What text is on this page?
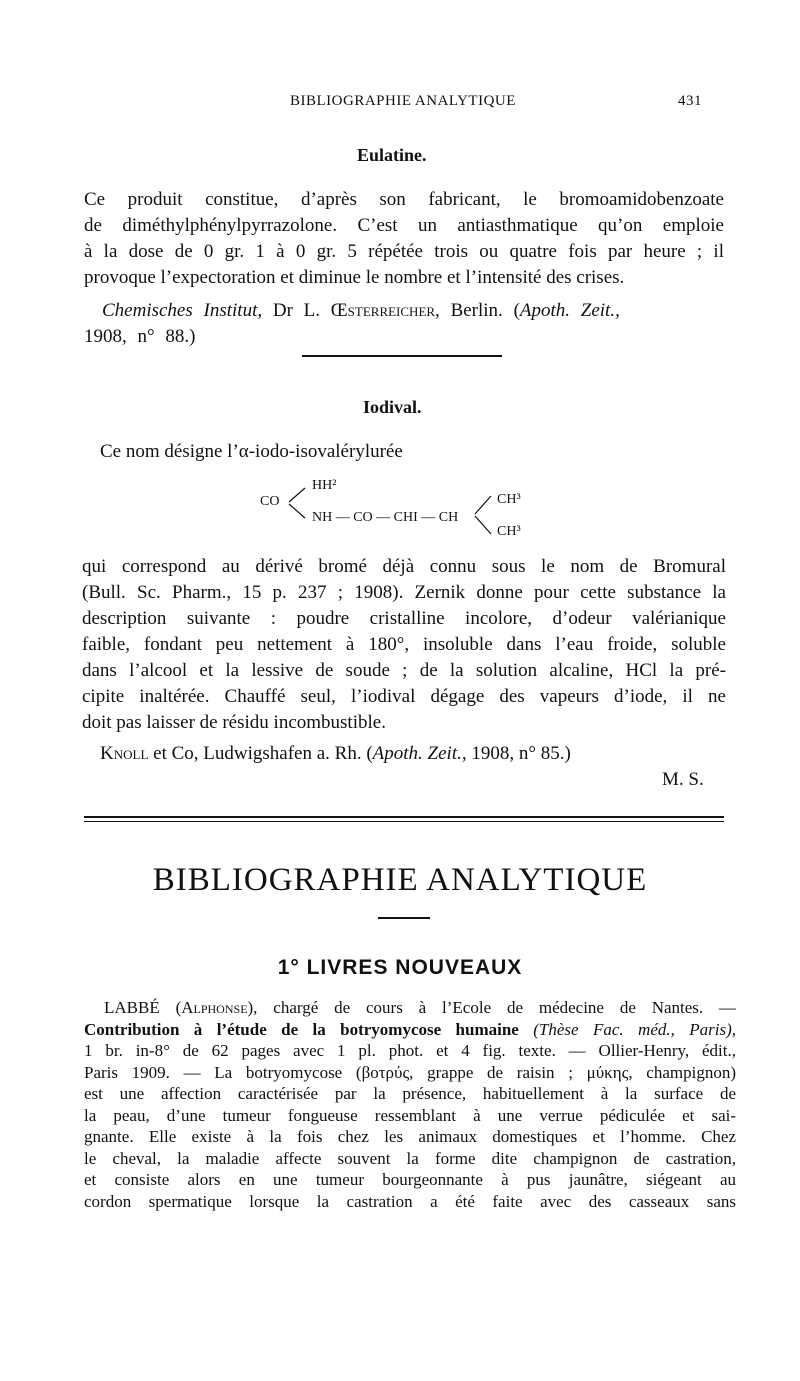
BIBLIOGRAPHIE ANALYTIQUE	431
Eulatine.
Ce produit constitue, d’après son fabricant, le bromoamidobenzoate
de diméthylphénylpyrrazolone. C’est un antiasthmatique qu’on emploie
à la dose de 0 gr. 1 à 0 gr. 5 répétée trois ou quatre fois par heure ; il
provoque l’expectoration et diminue le nombre et l’intensité des crises.
Chemisches Institut, Dr L. Œsterreicher, Berlin. (Apoth. Zeit.,
1908, n° 88.)
Iodival.
Ce nom désigne l’α-iodo-isovalérylurée
CO
HH²
NH — CO — CHI — CH
CH³
CH³
qui correspond au dérivé bromé déjà connu sous le nom de Bromural
(Bull. Sc. Pharm., 15 p. 237 ; 1908). Zernik donne pour cette substance la
description suivante : poudre cristalline incolore, d’odeur valérianique
faible, fondant peu nettement à 180°, insoluble dans l’eau froide, soluble
dans l’alcool et la lessive de soude ; de la solution alcaline, HCl la pré-
cipite inaltérée. Chauffé seul, l’iodival dégage des vapeurs d’iode, il ne
doit pas laisser de résidu incombustible.
Knoll et Co, Ludwigshafen a. Rh. (Apoth. Zeit., 1908, n° 85.)
M. S.
BIBLIOGRAPHIE ANALYTIQUE
1° LIVRES NOUVEAUX
LABBÉ (Alphonse), chargé de cours à l’Ecole de médecine de Nantes. —
Contribution à l’étude de la botryomycose humaine (Thèse Fac. méd., Paris),
1 br. in-8° de 62 pages avec 1 pl. phot. et 4 fig. texte. — Ollier-Henry, édit.,
Paris 1909. — La botryomycose (βοτρύς, grappe de raisin ; μύκης, champignon)
est une affection caractérisée par la présence, habituellement à la surface de
la peau, d’une tumeur fongueuse ressemblant à une verrue pédiculée et sai-
gnante. Elle existe à la fois chez les animaux domestiques et l’homme. Chez
le cheval, la maladie affecte souvent la forme dite champignon de castration,
et consiste alors en une tumeur bourgeonnante à pus jaunâtre, siégeant au
cordon spermatique lorsque la castration a été faite avec des casseaux sans
